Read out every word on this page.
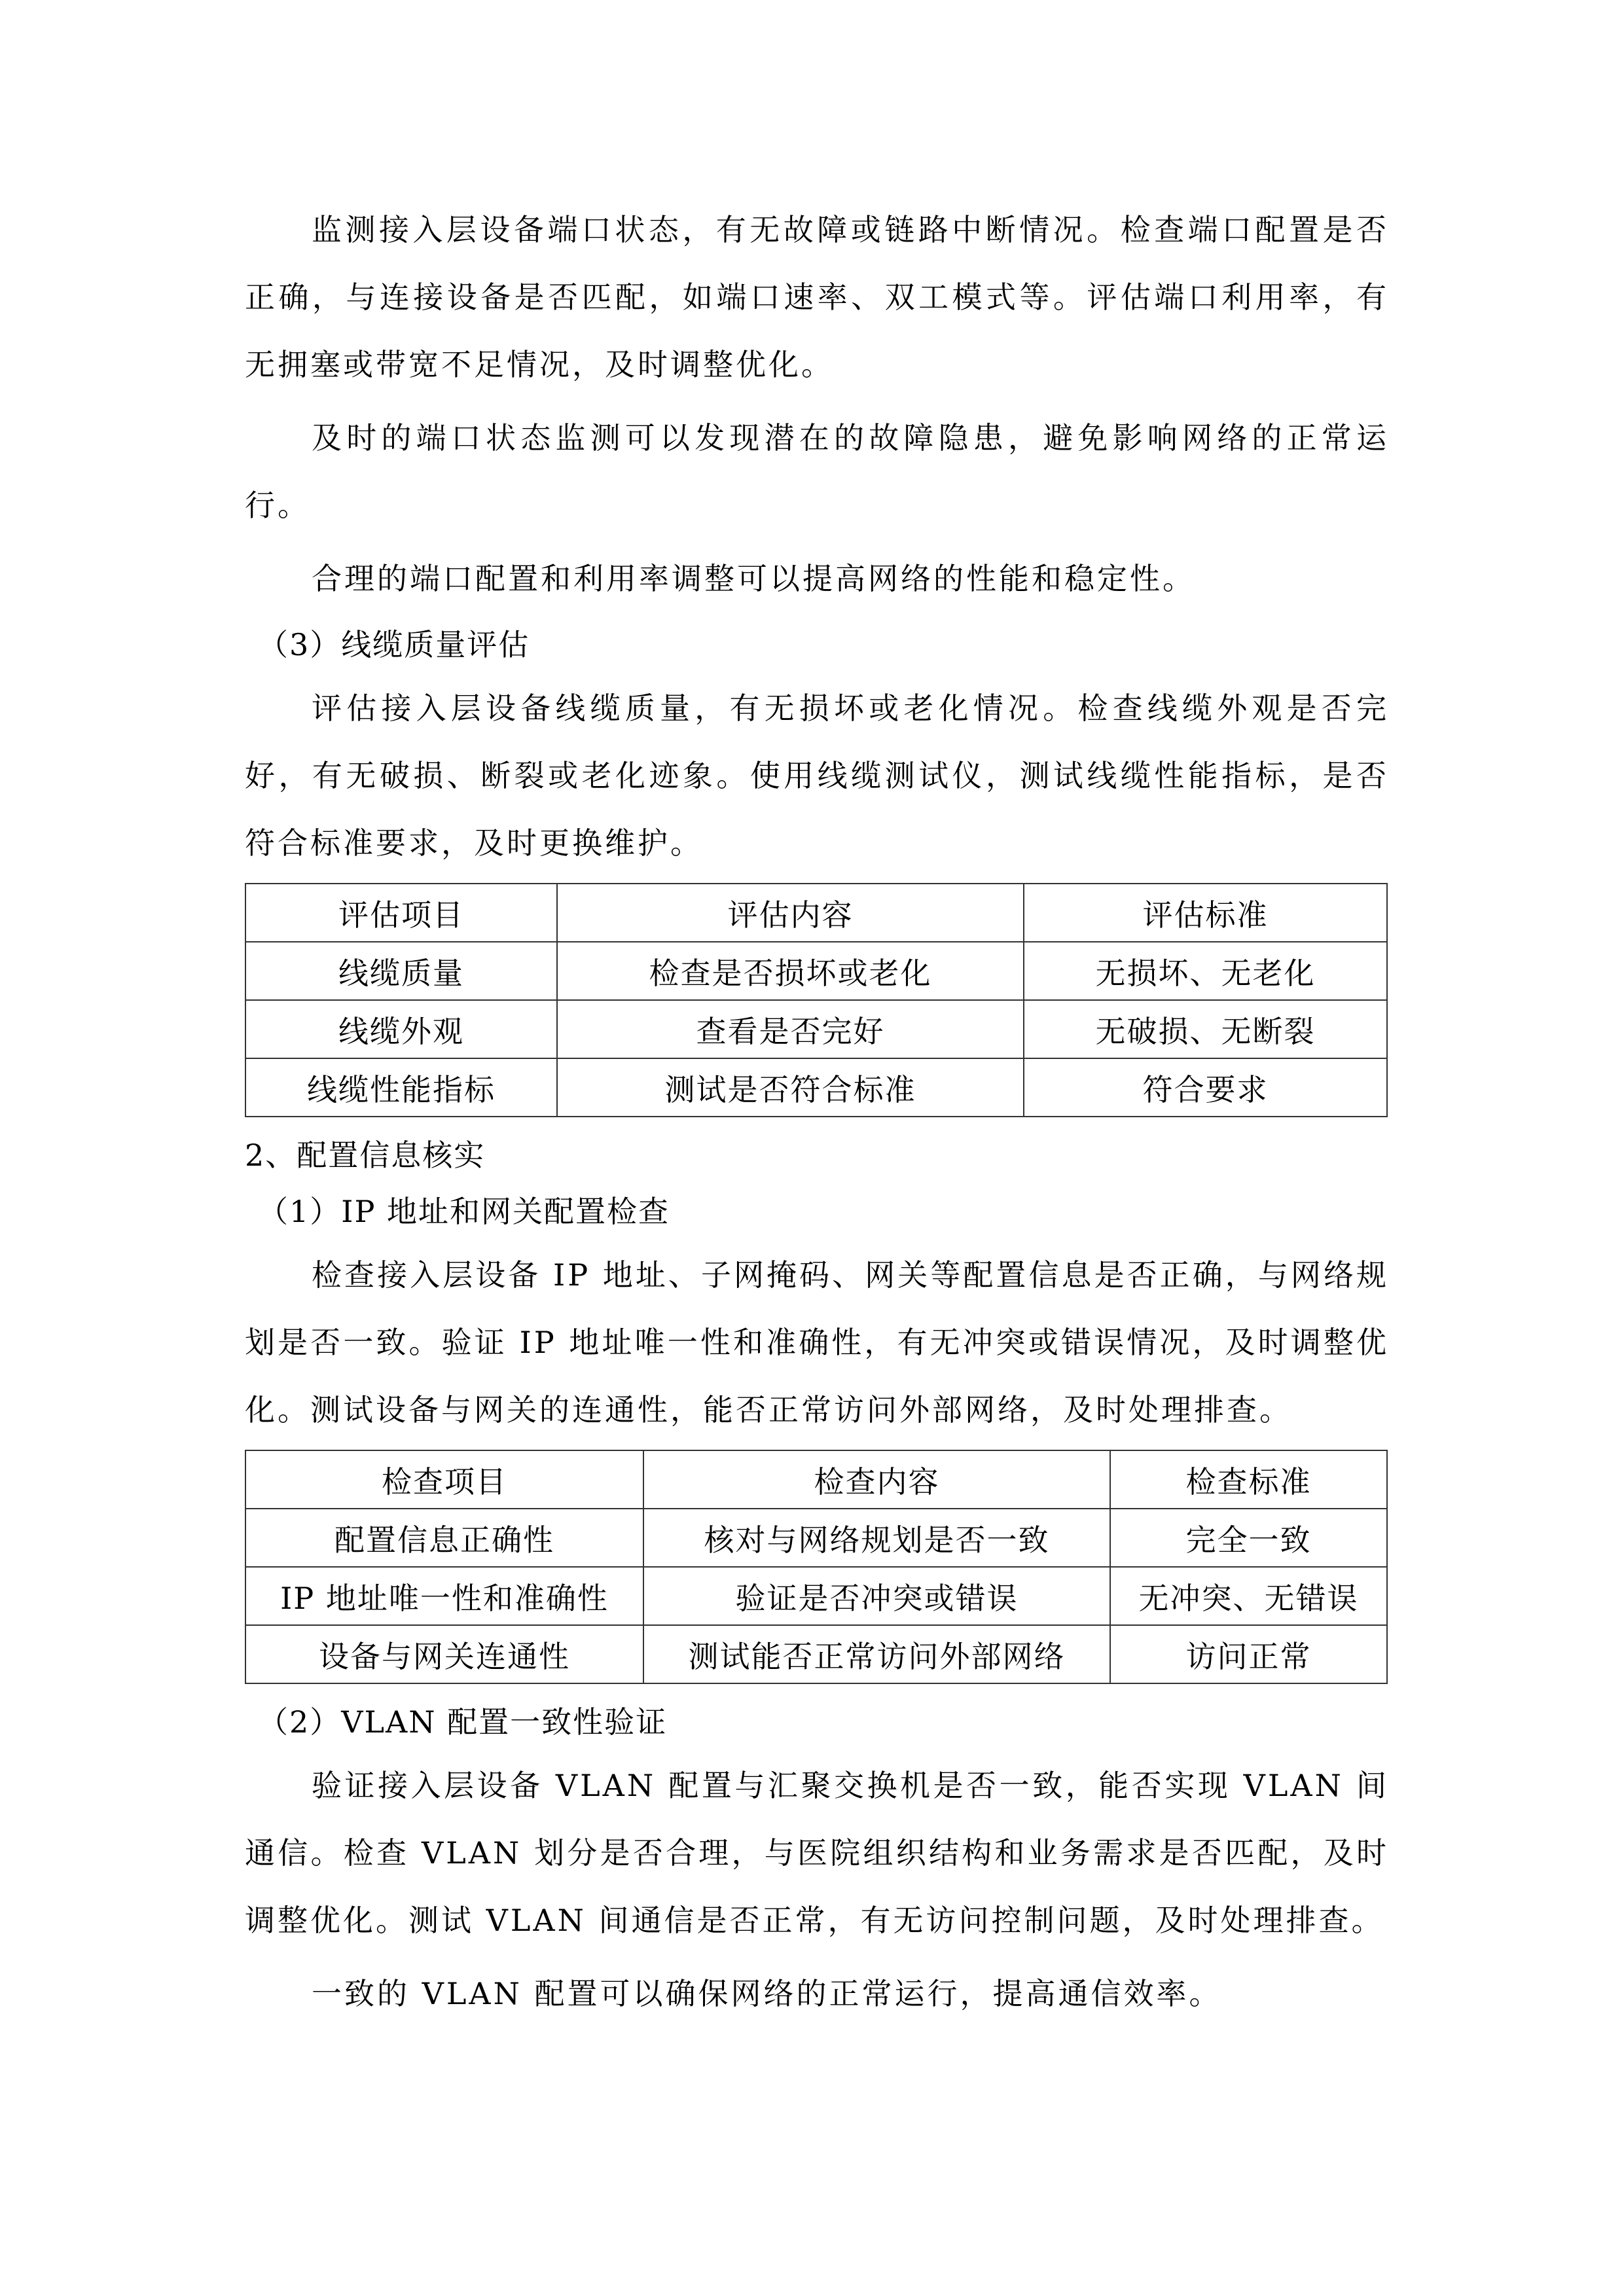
监测接入层设备端口状态，有无故障或链路中断情况。检查端口配置是否正确，与连接设备是否匹配，如端口速率、双工模式等。评估端口利用率，有无拥塞或带宽不足情况，及时调整优化。

及时的端口状态监测可以发现潜在的故障隐患，避免影响网络的正常运行。

合理的端口配置和利用率调整可以提高网络的性能和稳定性。

（3）线缆质量评估

评估接入层设备线缆质量，有无损坏或老化情况。检查线缆外观是否完好，有无破损、断裂或老化迹象。使用线缆测试仪，测试线缆性能指标，是否符合标准要求，及时更换维护。

评估项目	评估内容	评估标准
线缆质量	检查是否损坏或老化	无损坏、无老化
线缆外观	查看是否完好	无破损、无断裂
线缆性能指标	测试是否符合标准	符合要求
2、配置信息核实
（1）IP 地址和网关配置检查

检查接入层设备 IP 地址、子网掩码、网关等配置信息是否正确，与网络规划是否一致。验证 IP 地址唯一性和准确性，有无冲突或错误情况，及时调整优化。测试设备与网关的连通性，能否正常访问外部网络，及时处理排查。

检查项目	检查内容	检查标准
配置信息正确性	核对与网络规划是否一致	完全一致
IP 地址唯一性和准确性	验证是否冲突或错误	无冲突、无错误
设备与网关连通性	测试能否正常访问外部网络	访问正常
（2）VLAN 配置一致性验证

验证接入层设备 VLAN 配置与汇聚交换机是否一致，能否实现 VLAN 间通信。检查 VLAN 划分是否合理，与医院组织结构和业务需求是否匹配，及时调整优化。测试 VLAN 间通信是否正常，有无访问控制问题，及时处理排查。

一致的 VLAN 配置可以确保网络的正常运行，提高通信效率。
